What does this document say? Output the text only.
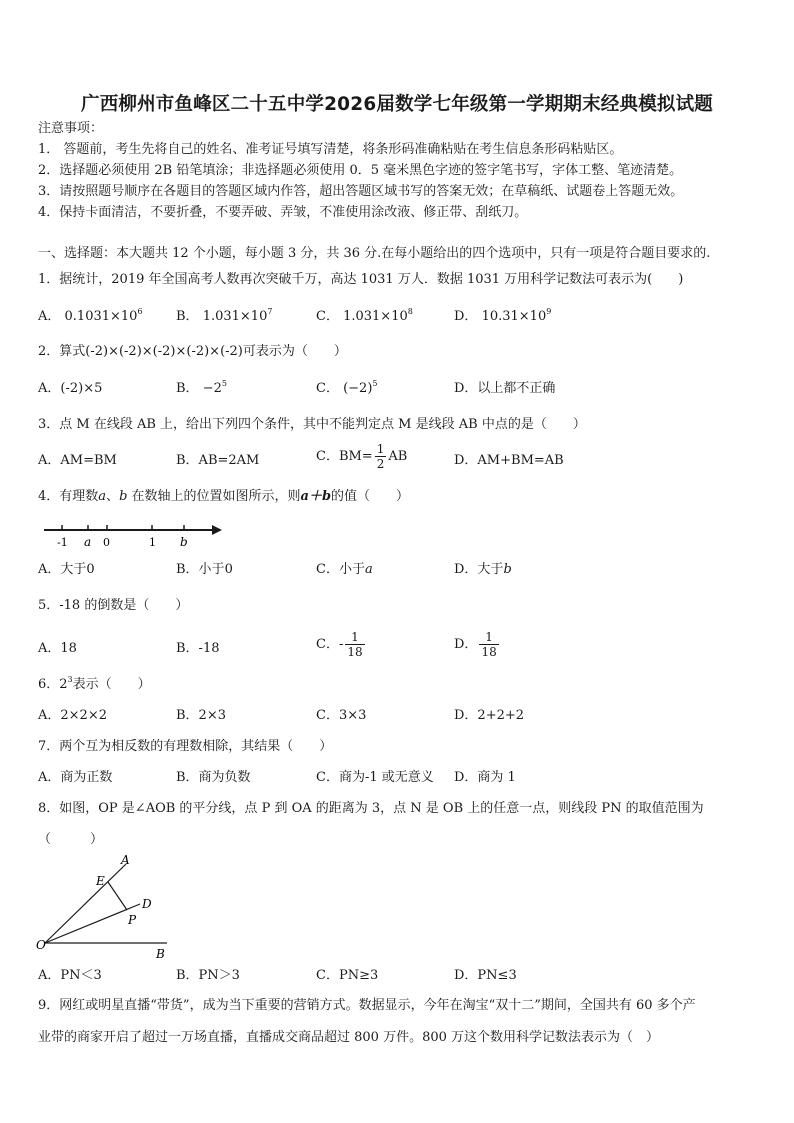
广西柳州市鱼峰区二十五中学2026届数学七年级第一学期期末经典模拟试题
注意事项：
1． 答题前，考生先将自己的姓名、准考证号填写清楚，将条形码准确粘贴在考生信息条形码粘贴区。
2．选择题必须使用 2B 铅笔填涂；非选择题必须使用 0．5 毫米黑色字迹的签字笔书写，字体工整、笔迹清楚。
3．请按照题号顺序在各题目的答题区域内作答，超出答题区域书写的答案无效；在草稿纸、试题卷上答题无效。
4．保持卡面清洁，不要折叠，不要弄破、弄皱，不准使用涂改液、修正带、刮纸刀。
一、选择题：本大题共 12 个小题，每小题 3 分，共 36 分.在每小题给出的四个选项中，只有一项是符合题目要求的.
1．据统计，2019 年全国高考人数再次突破千万，高达 1031 万人．数据 1031 万用科学记数法可表示为(　　)
A． $0.1031\times 10^6$	B． $1.031\times 10^7$	C． $1.031\times 10^8$	D． $10.31\times 10^9$
2．算式(-2)×(-2)×(-2)×(-2)×(-2)可表示为（　　）
A．(-2)×5	B． $-2^5$	C． $(-2)^5$	D．以上都不正确
3．点 M 在线段 AB 上，给出下列四个条件，其中不能判定点 M 是线段 AB 中点的是（　　）
A．AM=BM	B．AB=2AM	C．$BM= \frac{1}{2}$ AB	D．AM+BM=AB
4．有理数a、b 在数轴上的位置如图所示，则a＋b的值（　　）
-1 a 0	1 b
A．大于0	B．小于0	C．小于a	D．大于b
5．-18 的倒数是（　　）
A．18	B．-18	C．- $\frac{1}{18}$	D． $\frac{1}{18}$
6．$2^3$表示（　　）
A．2×2×2	B．2×3	C．3×3	D．2+2+2
7．两个互为相反数的有理数相除，其结果（　　）
A．商为正数	B．商为负数	C．商为-1 或无意义 D．商为 1
8．如图，OP 是∠AOB 的平分线，点 P 到 OA 的距离为 3，点 N 是 OB 上的任意一点，则线段 PN 的取值范围为
（　　　）
A
E
D
P
O
B
A．PN＜3	B．PN＞3	C．PN≥3	D．PN≤3
9．网红或明星直播“带货”，成为当下重要的营销方式。数据显示，今年在淘宝“双十二”期间，全国共有 60 多个产
业带的商家开启了超过一万场直播，直播成交商品超过 800 万件。800 万这个数用科学记数法表示为（　）
